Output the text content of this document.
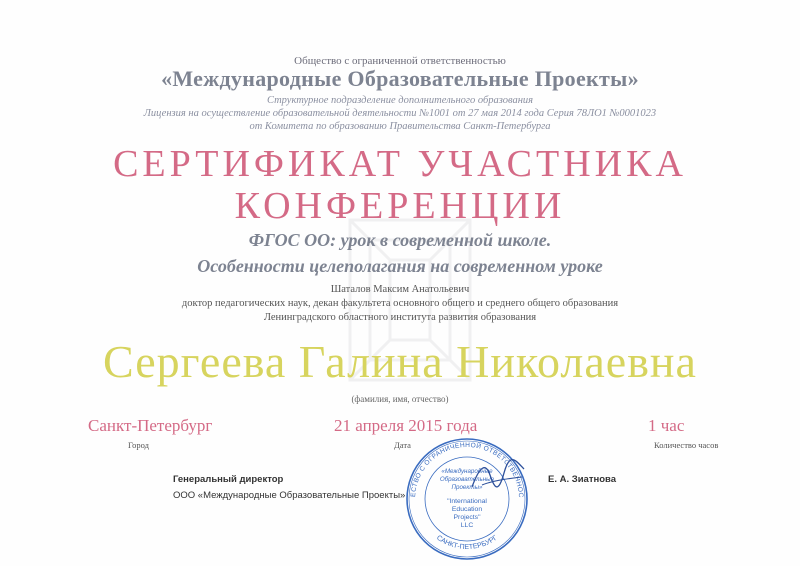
Общество с ограниченной ответственностью
«Международные Образовательные Проекты»
Структурное подразделение дополнительного образования
Лицензия на осуществление образовательной деятельности №1001 от 27 мая 2014 года Серия 78ЛО1 №0001023
от Комитета по образованию Правительства Санкт-Петербурга
СЕРТИФИКАТ УЧАСТНИКА
КОНФЕРЕНЦИИ
ФГОС ОО: урок в современной школе.
Особенности целеполагания на современном уроке
Шаталов Максим Анатольевич
доктор педагогических наук, декан факультета основного общего и среднего общего образования
Ленинградского областного института развития образования
Сергеева Галина Николаевна
(фамилия, имя, отчество)
Санкт-Петербург
Город
21 апреля 2015 года
Дата
1 час
Количество часов
Генеральный директор
ООО «Международные Образовательные Проекты»
Е. А. Зиатнова
ЕСТВО С ОГРАНИЧЕННОЙ ОТВЕТСТВЕННОС
САНКТ-ПЕТЕРБУРГ
«Международные
Образовательные
Проекты»
"International
Education
Projects"
LLC
